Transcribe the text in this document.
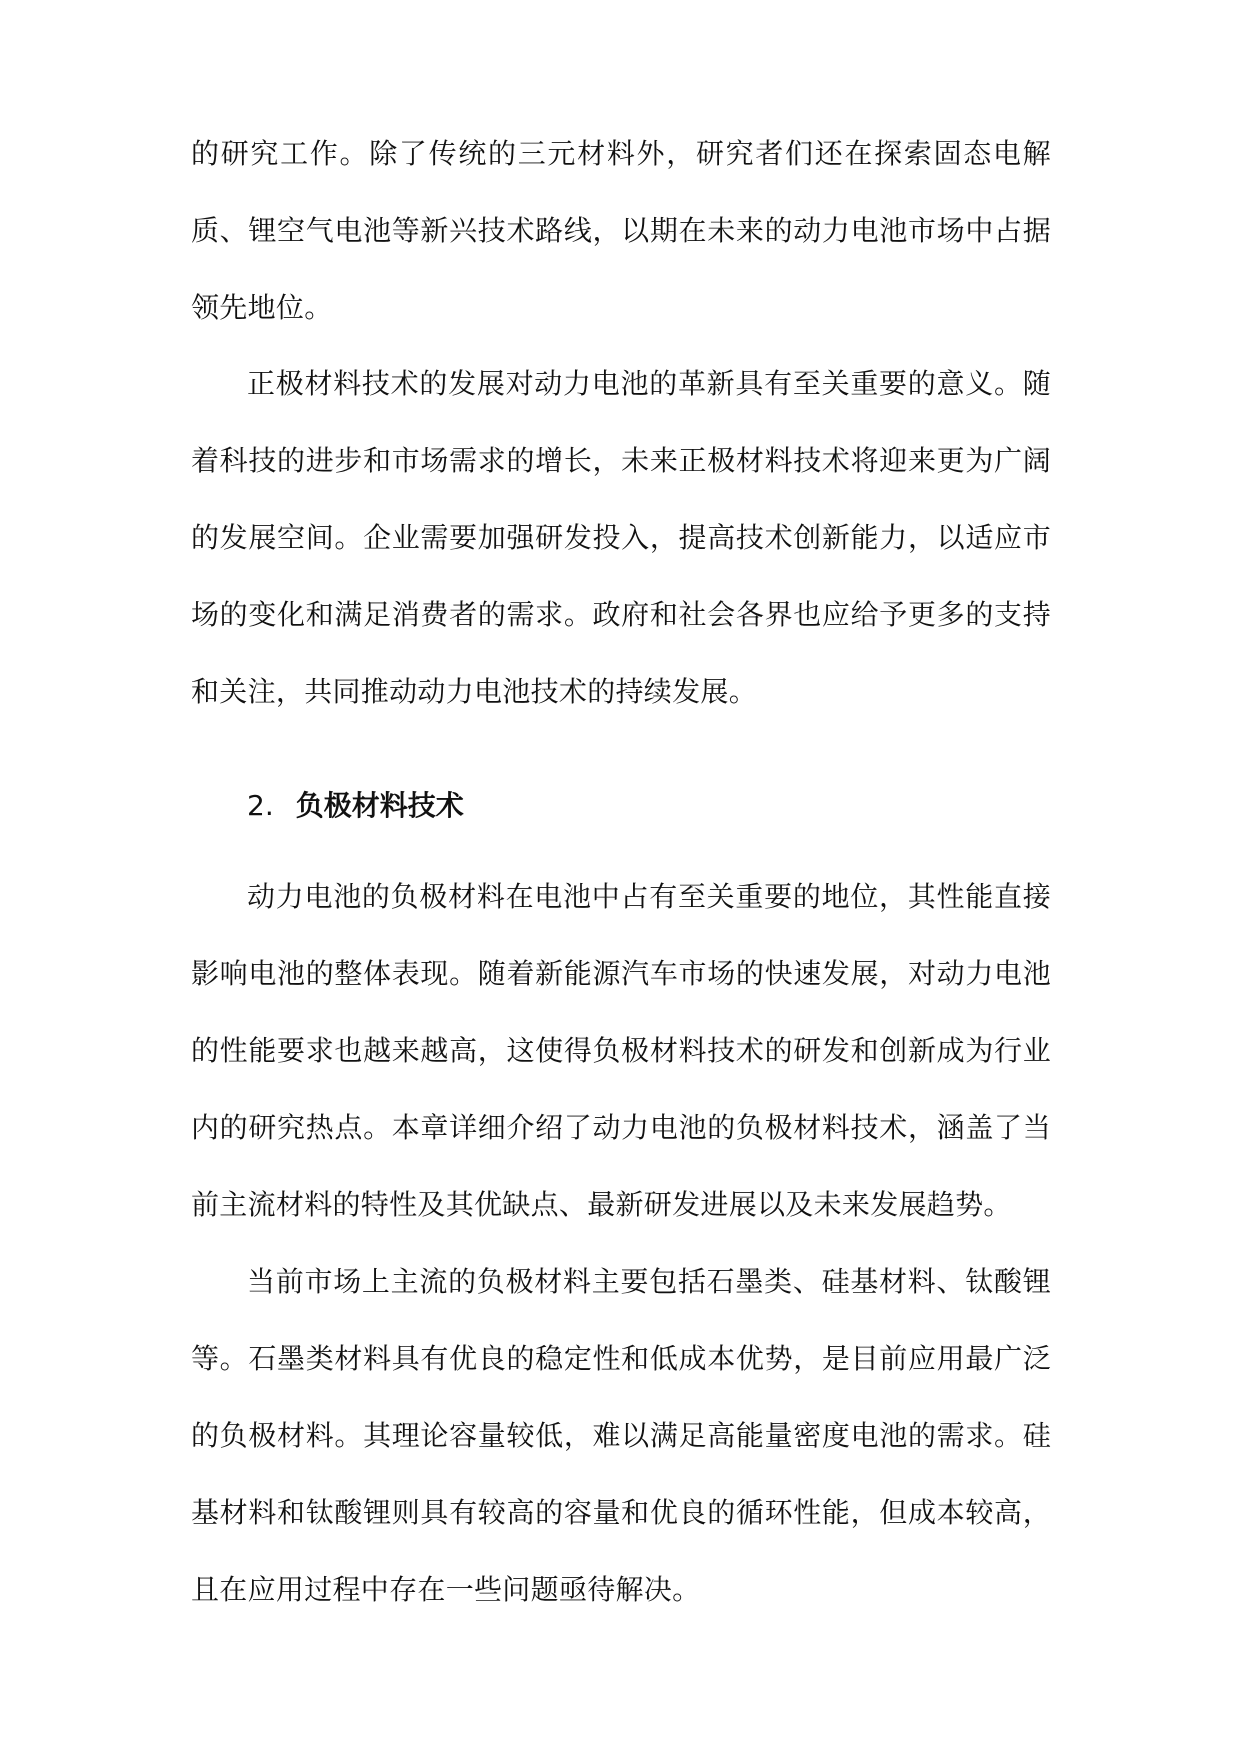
的研究工作。除了传统的三元材料外，研究者们还在探索固态电解质、锂空气电池等新兴技术路线，以期在未来的动力电池市场中占据领先地位。

正极材料技术的发展对动力电池的革新具有至关重要的意义。随着科技的进步和市场需求的增长，未来正极材料技术将迎来更为广阔的发展空间。企业需要加强研发投入，提高技术创新能力，以适应市场的变化和满足消费者的需求。政府和社会各界也应给予更多的支持和关注，共同推动动力电池技术的持续发展。

2. 负极材料技术

动力电池的负极材料在电池中占有至关重要的地位，其性能直接影响电池的整体表现。随着新能源汽车市场的快速发展，对动力电池的性能要求也越来越高，这使得负极材料技术的研发和创新成为行业内的研究热点。本章详细介绍了动力电池的负极材料技术，涵盖了当前主流材料的特性及其优缺点、最新研发进展以及未来发展趋势。

当前市场上主流的负极材料主要包括石墨类、硅基材料、钛酸锂等。石墨类材料具有优良的稳定性和低成本优势，是目前应用最广泛的负极材料。其理论容量较低，难以满足高能量密度电池的需求。硅基材料和钛酸锂则具有较高的容量和优良的循环性能，但成本较高，且在应用过程中存在一些问题亟待解决。
